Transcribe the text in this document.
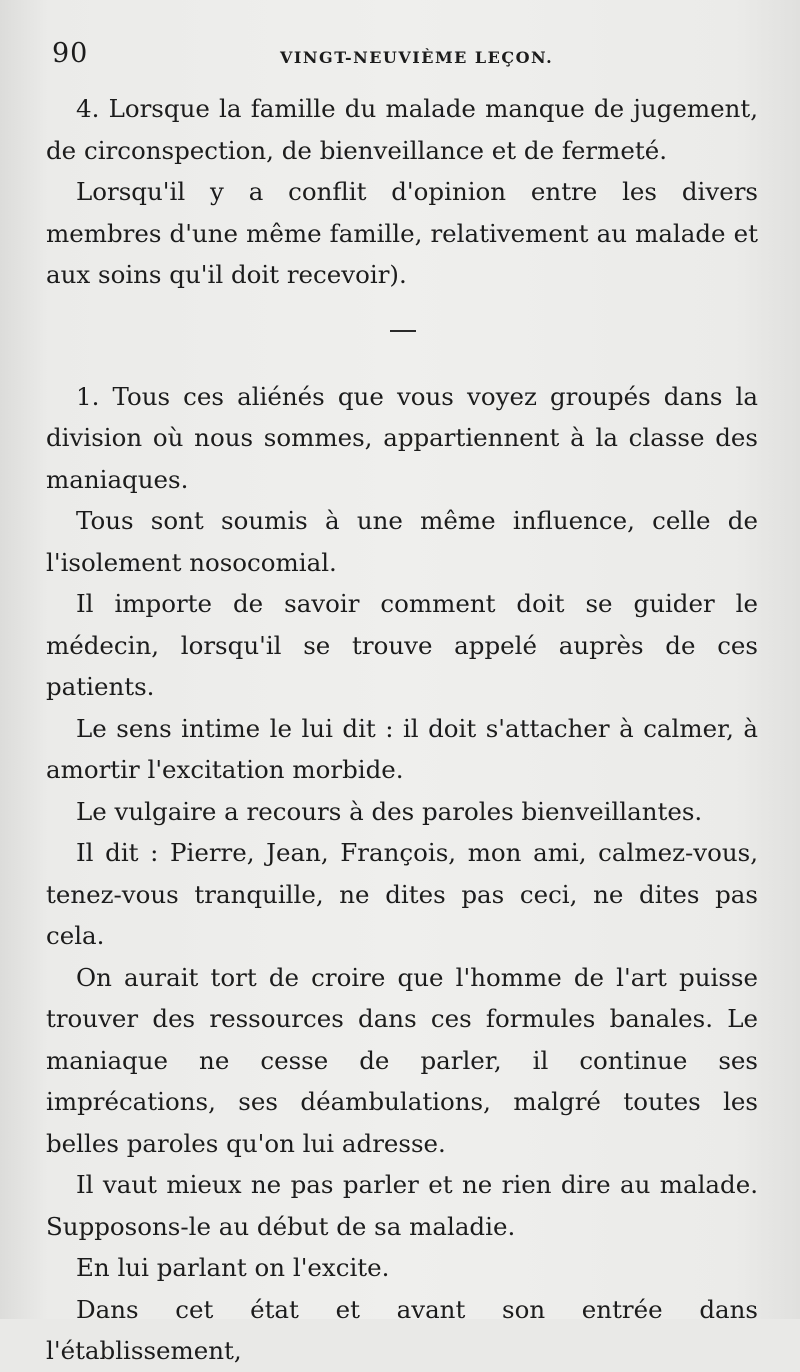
90	VINGT-NEUVIÈME LEÇON.

4. Lorsque la famille du malade manque de jugement, de circonspection, de bienveillance et de fermeté.

Lorsqu'il y a conflit d'opinion entre les divers membres d'une même famille, relativement au malade et aux soins qu'il doit recevoir).

1. Tous ces aliénés que vous voyez groupés dans la division où nous sommes, appartiennent à la classe des maniaques.

Tous sont soumis à une même influence, celle de l'isolement nosocomial.

Il importe de savoir comment doit se guider le médecin, lorsqu'il se trouve appelé auprès de ces patients.

Le sens intime le lui dit : il doit s'attacher à calmer, à amortir l'excitation morbide.

Le vulgaire a recours à des paroles bienveillantes.

Il dit : Pierre, Jean, François, mon ami, calmez-vous, tenez-vous tranquille, ne dites pas ceci, ne dites pas cela.

On aurait tort de croire que l'homme de l'art puisse trouver des ressources dans ces formules banales. Le maniaque ne cesse de parler, il continue ses imprécations, ses déambulations, malgré toutes les belles paroles qu'on lui adresse.

Il vaut mieux ne pas parler et ne rien dire au malade. Supposons-le au début de sa maladie.

En lui parlant on l'excite.

Dans cet état et avant son entrée dans l'établissement,
